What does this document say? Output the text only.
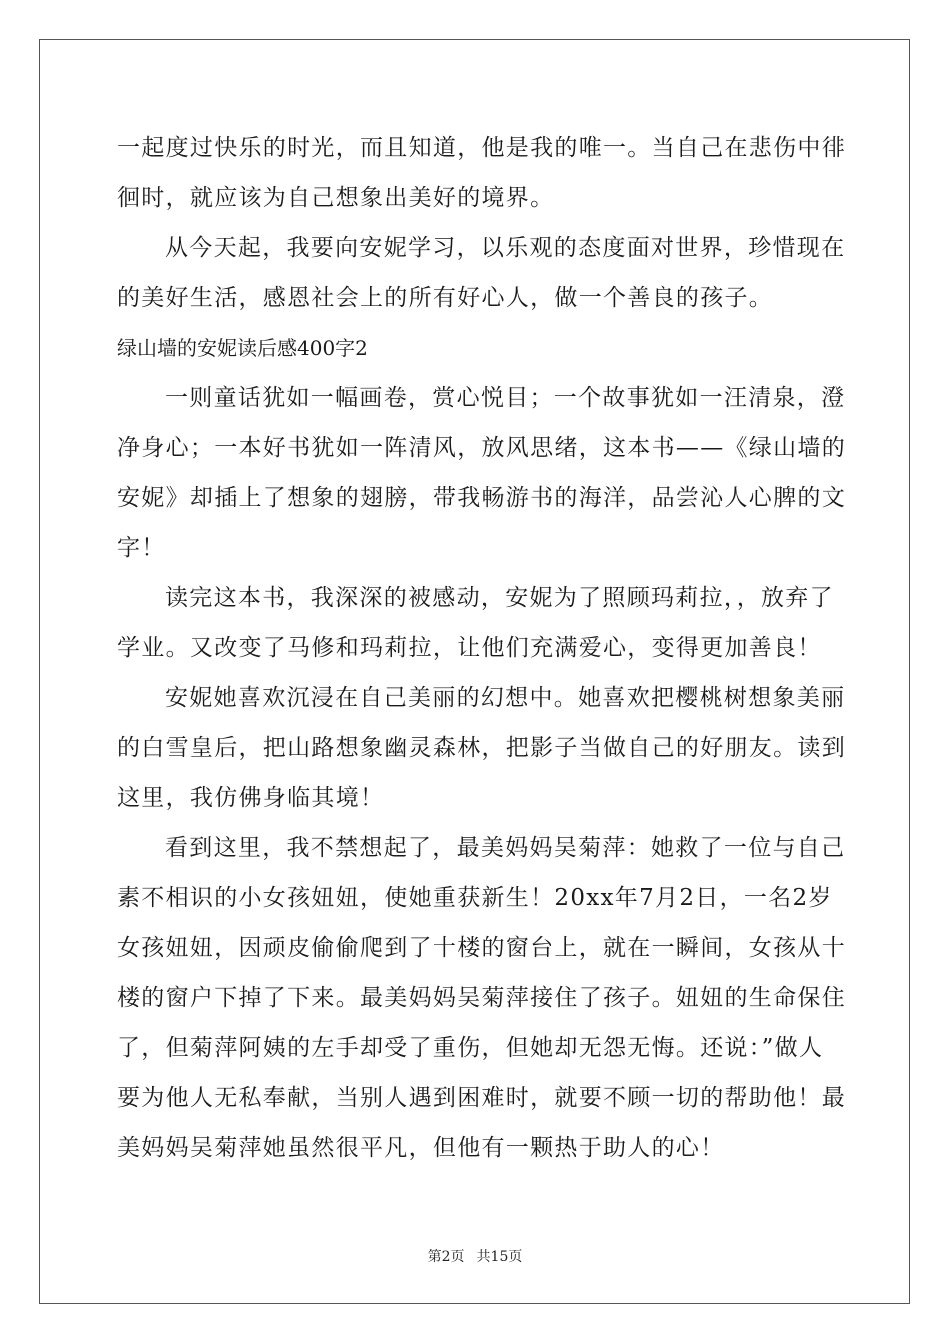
一起度过快乐的时光，而且知道，他是我的唯一。当自己在悲伤中徘
徊时，就应该为自己想象出美好的境界。
从今天起，我要向安妮学习，以乐观的态度面对世界，珍惜现在
的美好生活，感恩社会上的所有好心人，做一个善良的孩子。
绿山墙的安妮读后感400字2
一则童话犹如一幅画卷，赏心悦目；一个故事犹如一汪清泉，澄
净身心；一本好书犹如一阵清风，放风思绪，这本书——《绿山墙的
安妮》却插上了想象的翅膀，带我畅游书的海洋，品尝沁人心脾的文
字！
读完这本书，我深深的被感动，安妮为了照顾玛莉拉，，放弃了
学业。又改变了马修和玛莉拉，让他们充满爱心，变得更加善良！
安妮她喜欢沉浸在自己美丽的幻想中。她喜欢把樱桃树想象美丽
的白雪皇后，把山路想象幽灵森林，把影子当做自己的好朋友。读到
这里，我仿佛身临其境！
看到这里，我不禁想起了，最美妈妈吴菊萍：她救了一位与自己
素不相识的小女孩妞妞，使她重获新生！20xx年7月2日，一名2岁
女孩妞妞，因顽皮偷偷爬到了十楼的窗台上，就在一瞬间，女孩从十
楼的窗户下掉了下来。最美妈妈吴菊萍接住了孩子。妞妞的生命保住
了，但菊萍阿姨的左手却受了重伤，但她却无怨无悔。还说：”做人
要为他人无私奉献，当别人遇到困难时，就要不顾一切的帮助他！最
美妈妈吴菊萍她虽然很平凡，但他有一颗热于助人的心！
第2页 共15页
